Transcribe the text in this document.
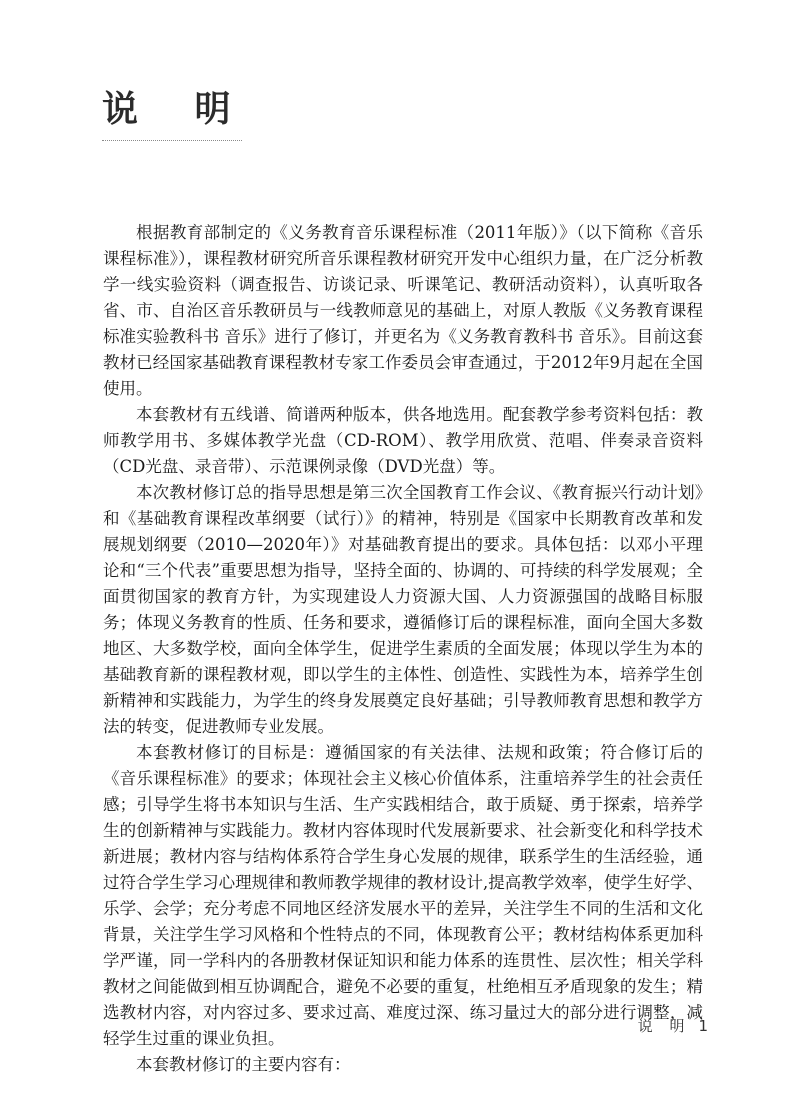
说 明

根据教育部制定的《义务教育音乐课程标准（2011年版）》（以下简称《音乐课程标准》），课程教材研究所音乐课程教材研究开发中心组织力量，在广泛分析教学一线实验资料（调查报告、访谈记录、听课笔记、教研活动资料），认真听取各省、市、自治区音乐教研员与一线教师意见的基础上，对原人教版《义务教育课程标准实验教科书 音乐》进行了修订，并更名为《义务教育教科书 音乐》。目前这套教材已经国家基础教育课程教材专家工作委员会审查通过，于2012年9月起在全国使用。

本套教材有五线谱、简谱两种版本，供各地选用。配套教学参考资料包括：教师教学用书、多媒体教学光盘（CD-ROM）、教学用欣赏、范唱、伴奏录音资料（CD光盘、录音带）、示范课例录像（DVD光盘）等。

本次教材修订总的指导思想是第三次全国教育工作会议、《教育振兴行动计划》和《基础教育课程改革纲要（试行）》的精神，特别是《国家中长期教育改革和发展规划纲要（2010—2020年）》对基础教育提出的要求。具体包括：以邓小平理论和“三个代表”重要思想为指导，坚持全面的、协调的、可持续的科学发展观；全面贯彻国家的教育方针，为实现建设人力资源大国、人力资源强国的战略目标服务；体现义务教育的性质、任务和要求，遵循修订后的课程标准，面向全国大多数地区、大多数学校，面向全体学生，促进学生素质的全面发展；体现以学生为本的基础教育新的课程教材观，即以学生的主体性、创造性、实践性为本，培养学生创新精神和实践能力，为学生的终身发展奠定良好基础；引导教师教育思想和教学方法的转变，促进教师专业发展。

本套教材修订的目标是：遵循国家的有关法律、法规和政策；符合修订后的《音乐课程标准》的要求；体现社会主义核心价值体系，注重培养学生的社会责任感；引导学生将书本知识与生活、生产实践相结合，敢于质疑、勇于探索，培养学生的创新精神与实践能力。教材内容体现时代发展新要求、社会新变化和科学技术新进展；教材内容与结构体系符合学生身心发展的规律，联系学生的生活经验，通过符合学生学习心理规律和教师教学规律的教材设计,提高教学效率，使学生好学、乐学、会学；充分考虑不同地区经济发展水平的差异，关注学生不同的生活和文化背景，关注学生学习风格和个性特点的不同，体现教育公平；教材结构体系更加科学严谨，同一学科内的各册教材保证知识和能力体系的连贯性、层次性；相关学科教材之间能做到相互协调配合，避免不必要的重复，杜绝相互矛盾现象的发生；精选教材内容，对内容过多、要求过高、难度过深、练习量过大的部分进行调整，减轻学生过重的课业负担。

本套教材修订的主要内容有：

说 明 1
